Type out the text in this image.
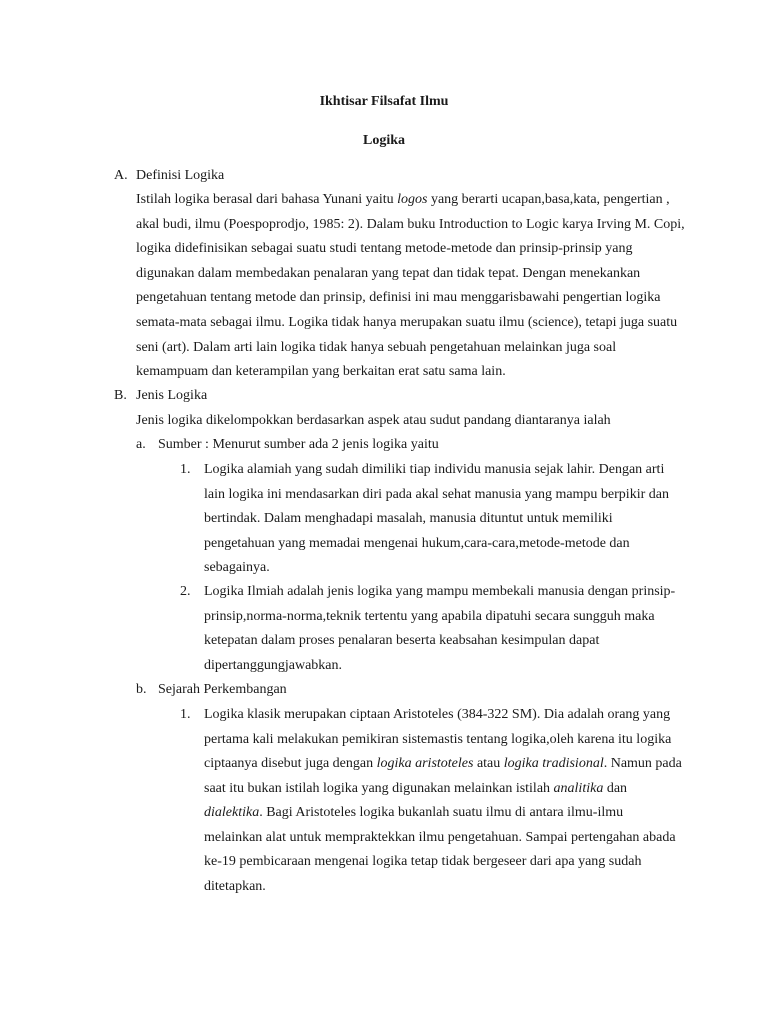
Ikhtisar Filsafat Ilmu
Logika
A. Definisi Logika
Istilah logika berasal dari bahasa Yunani yaitu logos yang berarti ucapan,basa,kata, pengertian ,
akal budi, ilmu (Poespoprodjo, 1985: 2). Dalam buku Introduction to Logic karya Irving M. Copi,
logika didefinisikan sebagai suatu studi tentang metode-metode dan prinsip-prinsip yang
digunakan dalam membedakan penalaran yang tepat dan tidak tepat. Dengan menekankan
pengetahuan tentang metode dan prinsip, definisi ini mau menggarisbawahi pengertian logika
semata-mata sebagai ilmu. Logika tidak hanya merupakan suatu ilmu (science), tetapi juga suatu
seni (art). Dalam arti lain logika tidak hanya sebuah pengetahuan melainkan juga soal
kemampuam dan keterampilan yang berkaitan erat satu sama lain.
B. Jenis Logika
Jenis logika dikelompokkan berdasarkan aspek atau sudut pandang diantaranya ialah
a. Sumber : Menurut sumber ada 2 jenis logika yaitu
1. Logika alamiah yang sudah dimiliki tiap individu manusia sejak lahir. Dengan arti
lain logika ini mendasarkan diri pada akal sehat manusia yang mampu berpikir dan
bertindak. Dalam menghadapi masalah, manusia dituntut untuk memiliki
pengetahuan yang memadai mengenai hukum,cara-cara,metode-metode dan
sebagainya.
2. Logika Ilmiah adalah jenis logika yang mampu membekali manusia dengan prinsip-
prinsip,norma-norma,teknik tertentu yang apabila dipatuhi secara sungguh maka
ketepatan dalam proses penalaran beserta keabsahan kesimpulan dapat
dipertanggungjawabkan.
b. Sejarah Perkembangan
1. Logika klasik merupakan ciptaan Aristoteles (384-322 SM). Dia adalah orang yang
pertama kali melakukan pemikiran sistemastis tentang logika,oleh karena itu logika
ciptaanya disebut juga dengan logika aristoteles atau logika tradisional. Namun pada
saat itu bukan istilah logika yang digunakan melainkan istilah analitika dan
dialektika. Bagi Aristoteles logika bukanlah suatu ilmu di antara ilmu-ilmu
melainkan alat untuk mempraktekkan ilmu pengetahuan. Sampai pertengahan abada
ke-19 pembicaraan mengenai logika tetap tidak bergeseer dari apa yang sudah
ditetapkan.
